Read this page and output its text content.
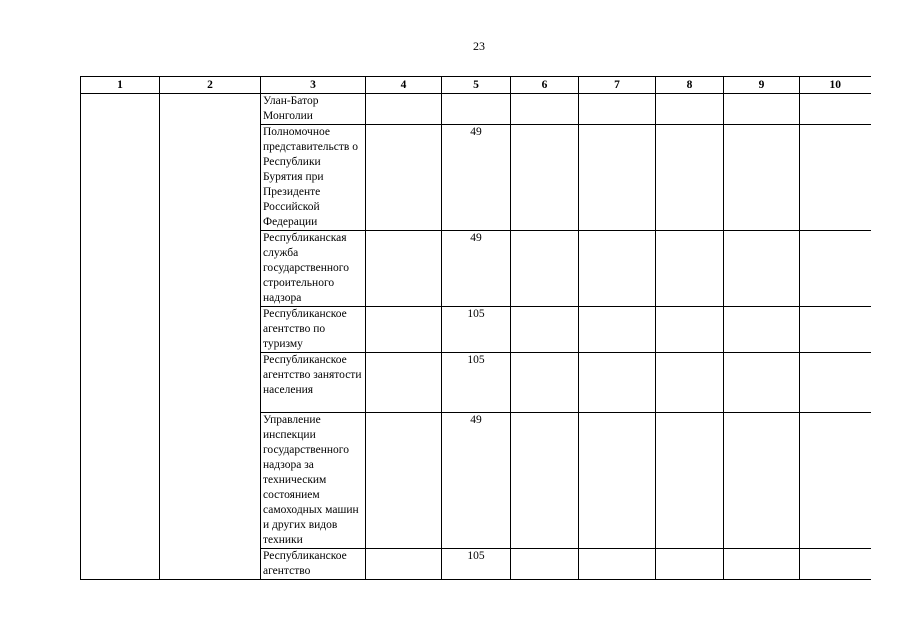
23
1	2	3	4	5	6	7	8	9	10
		Улан-Батор Монголии							
		Полномочное представительств о Республики Бурятия при Президенте Российской Федерации		49					
		Республиканская служба государственного строительного надзора		49					
		Республиканское агентство по туризму		105					
		Республиканское агентство занятости населения		105					
		Управление инспекции государственного надзора за техническим состоянием самоходных машин и других видов техники		49					
		Республиканское агентство		105					
